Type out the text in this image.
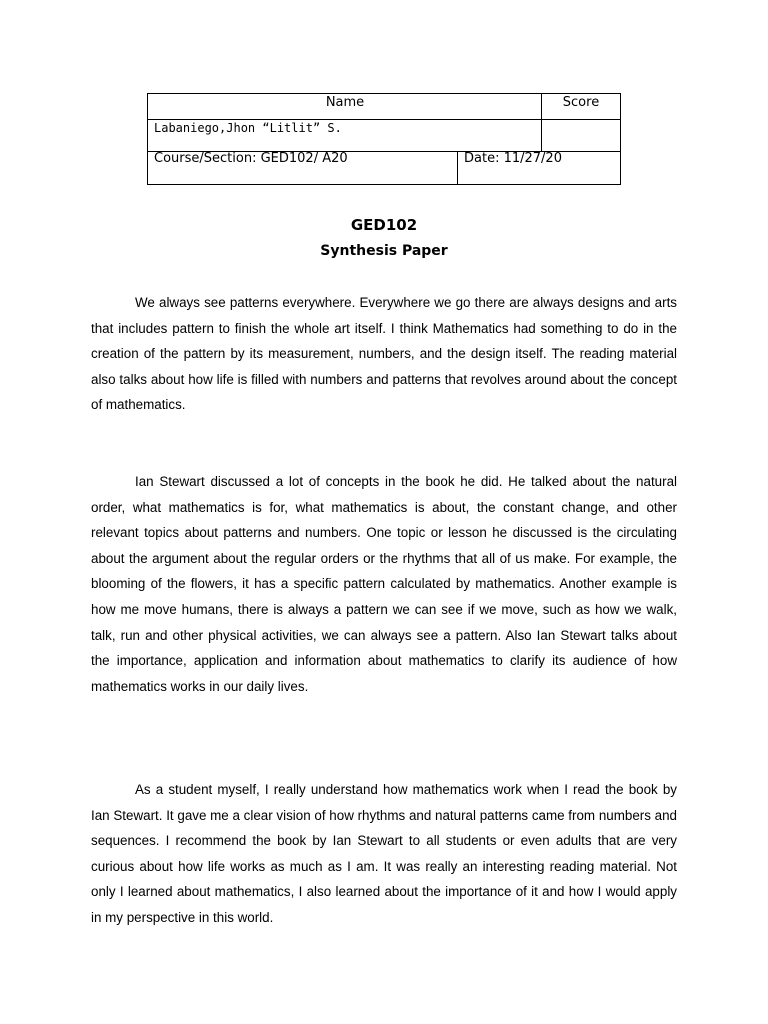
Name	Score
Labaniego,Jhon “Litlit” S.
Course/Section: GED102/ A20	Date: 11/27/20
GED102
Synthesis Paper

We always see patterns everywhere. Everywhere we go there are always designs and arts that includes pattern to finish the whole art itself. I think Mathematics had something to do in the creation of the pattern by its measurement, numbers, and the design itself. The reading material also talks about how life is filled with numbers and patterns that revolves around about the concept of mathematics.

Ian Stewart discussed a lot of concepts in the book he did. He talked about the natural order, what mathematics is for, what mathematics is about, the constant change, and other relevant topics about patterns and numbers. One topic or lesson he discussed is the circulating about the argument about the regular orders or the rhythms that all of us make. For example, the blooming of the flowers, it has a specific pattern calculated by mathematics. Another example is how me move humans, there is always a pattern we can see if we move, such as how we walk, talk, run and other physical activities, we can always see a pattern. Also Ian Stewart talks about the importance, application and information about mathematics to clarify its audience of how mathematics works in our daily lives.

As a student myself, I really understand how mathematics work when I read the book by Ian Stewart. It gave me a clear vision of how rhythms and natural patterns came from numbers and sequences. I recommend the book by Ian Stewart to all students or even adults that are very curious about how life works as much as I am. It was really an interesting reading material. Not only I learned about mathematics, I also learned about the importance of it and how I would apply in my perspective in this world.
